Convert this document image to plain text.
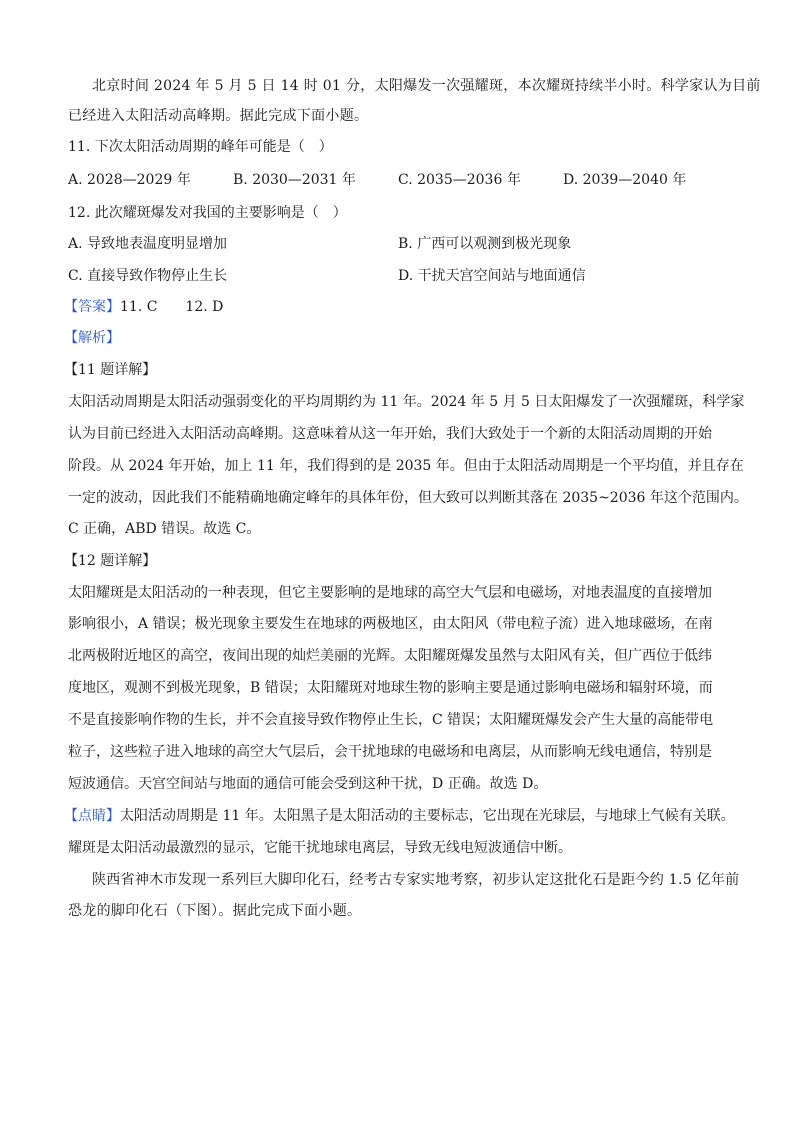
北京时间 2024 年 5 月 5 日 14 时 01 分，太阳爆发一次强耀斑，本次耀斑持续半小时。科学家认为目前
已经进入太阳活动高峰期。据此完成下面小题。
11. 下次太阳活动周期的峰年可能是（　）
A. 2028—2029 年	B. 2030—2031 年	C. 2035—2036 年	D. 2039—2040 年
12. 此次耀斑爆发对我国的主要影响是（　）
A. 导致地表温度明显增加	B. 广西可以观测到极光现象
C. 直接导致作物停止生长	D. 干扰天宫空间站与地面通信
【答案】11. C　　12. D
【解析】
【11 题详解】
太阳活动周期是太阳活动强弱变化的平均周期约为 11 年。2024 年 5 月 5 日太阳爆发了一次强耀斑，科学家
认为目前已经进入太阳活动高峰期。这意味着从这一年开始，我们大致处于一个新的太阳活动周期的开始
阶段。从 2024 年开始，加上 11 年，我们得到的是 2035 年。但由于太阳活动周期是一个平均值，并且存在
一定的波动，因此我们不能精确地确定峰年的具体年份，但大致可以判断其落在 2035~2036 年这个范围内。
C 正确，ABD 错误。故选 C。
【12 题详解】
太阳耀斑是太阳活动的一种表现，但它主要影响的是地球的高空大气层和电磁场，对地表温度的直接增加
影响很小，A 错误；极光现象主要发生在地球的两极地区，由太阳风（带电粒子流）进入地球磁场，在南
北两极附近地区的高空，夜间出现的灿烂美丽的光辉。太阳耀斑爆发虽然与太阳风有关，但广西位于低纬
度地区，观测不到极光现象，B 错误；太阳耀斑对地球生物的影响主要是通过影响电磁场和辐射环境，而
不是直接影响作物的生长，并不会直接导致作物停止生长，C 错误；太阳耀斑爆发会产生大量的高能带电
粒子，这些粒子进入地球的高空大气层后，会干扰地球的电磁场和电离层，从而影响无线电通信，特别是
短波通信。天宫空间站与地面的通信可能会受到这种干扰，D 正确。故选 D。
【点睛】太阳活动周期是 11 年。太阳黑子是太阳活动的主要标志，它出现在光球层，与地球上气候有关联。
耀斑是太阳活动最激烈的显示，它能干扰地球电离层，导致无线电短波通信中断。
陕西省神木市发现一系列巨大脚印化石，经考古专家实地考察，初步认定这批化石是距今约 1.5 亿年前
恐龙的脚印化石（下图）。据此完成下面小题。
